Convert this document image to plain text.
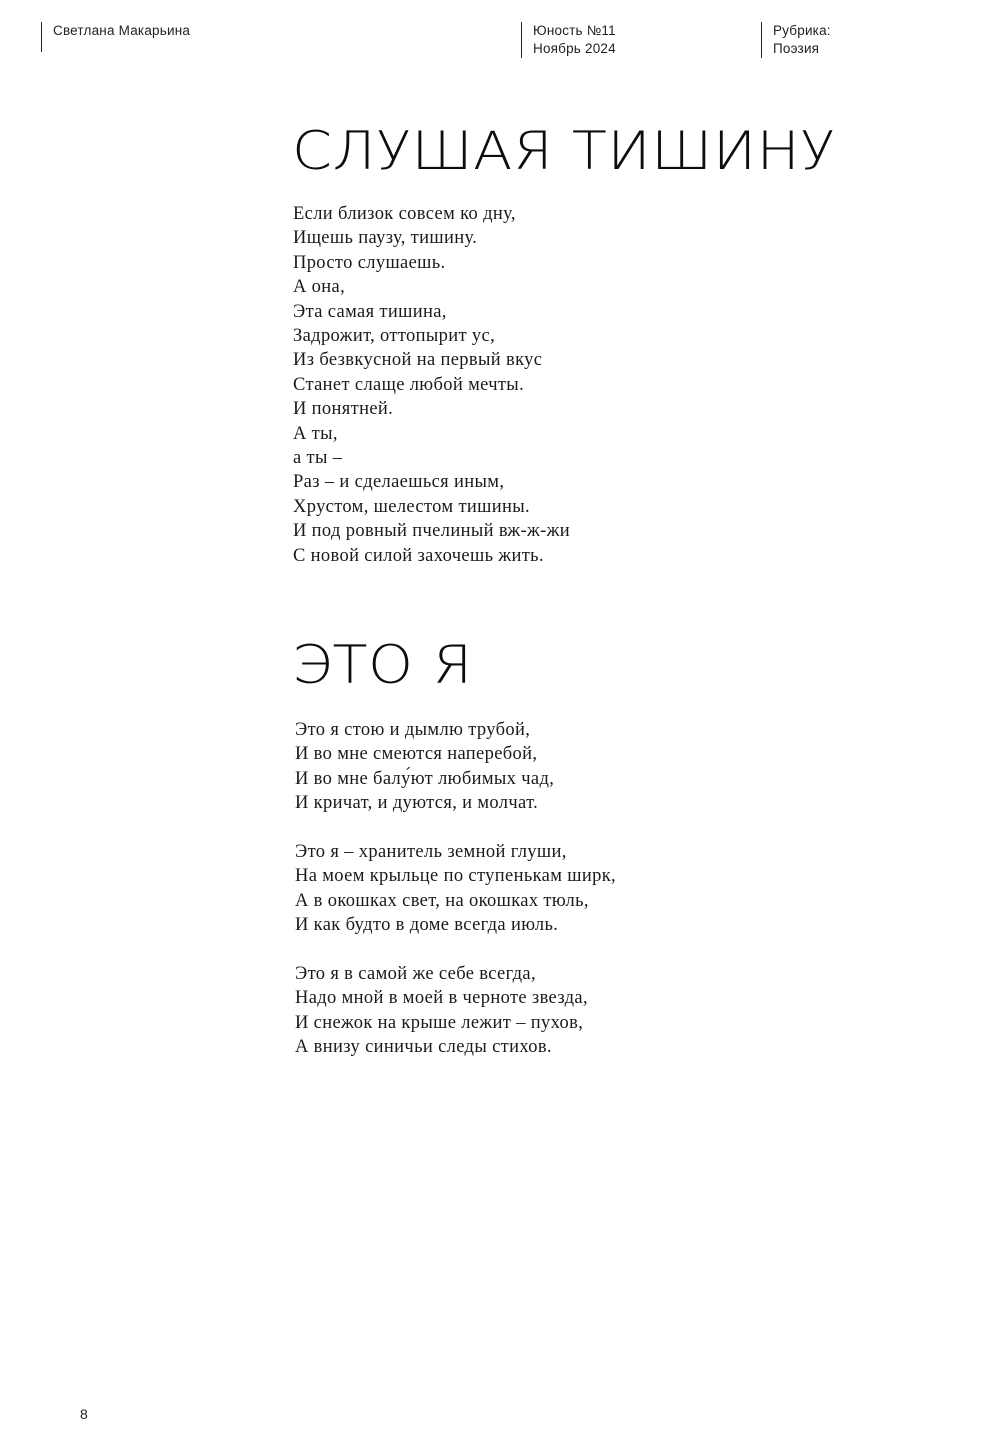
Светлана Макарьина	Юность №11
Ноябрь 2024
Рубрика:
Поэзия
СЛУШАЯ ТИШИНУ
Если близок совсем ко дну,
Ищешь паузу, тишину.
Просто слушаешь.
А она,
Эта самая тишина,
Задрожит, оттопырит ус,
Из безвкусной на первый вкус
Станет слаще любой мечты.
И понятней.
А ты,
а ты –
Раз – и сделаешься иным,
Хрустом, шелестом тишины.
И под ровный пчелиный вж-ж-жи
С новой силой захочешь жить.
ЭТО Я
Это я стою и дымлю трубой,
И во мне смеются наперебой,
И во мне балу́ют любимых чад,
И кричат, и дуются, и молчат.
Это я – хранитель земной глуши,
На моем крыльце по ступенькам ширк,
А в окошках свет, на окошках тюль,
И как будто в доме всегда июль.
Это я в самой же себе всегда,
Надо мной в моей в черноте звезда,
И снежок на крыше лежит – пухов,
А внизу синичьи следы стихов.
8
